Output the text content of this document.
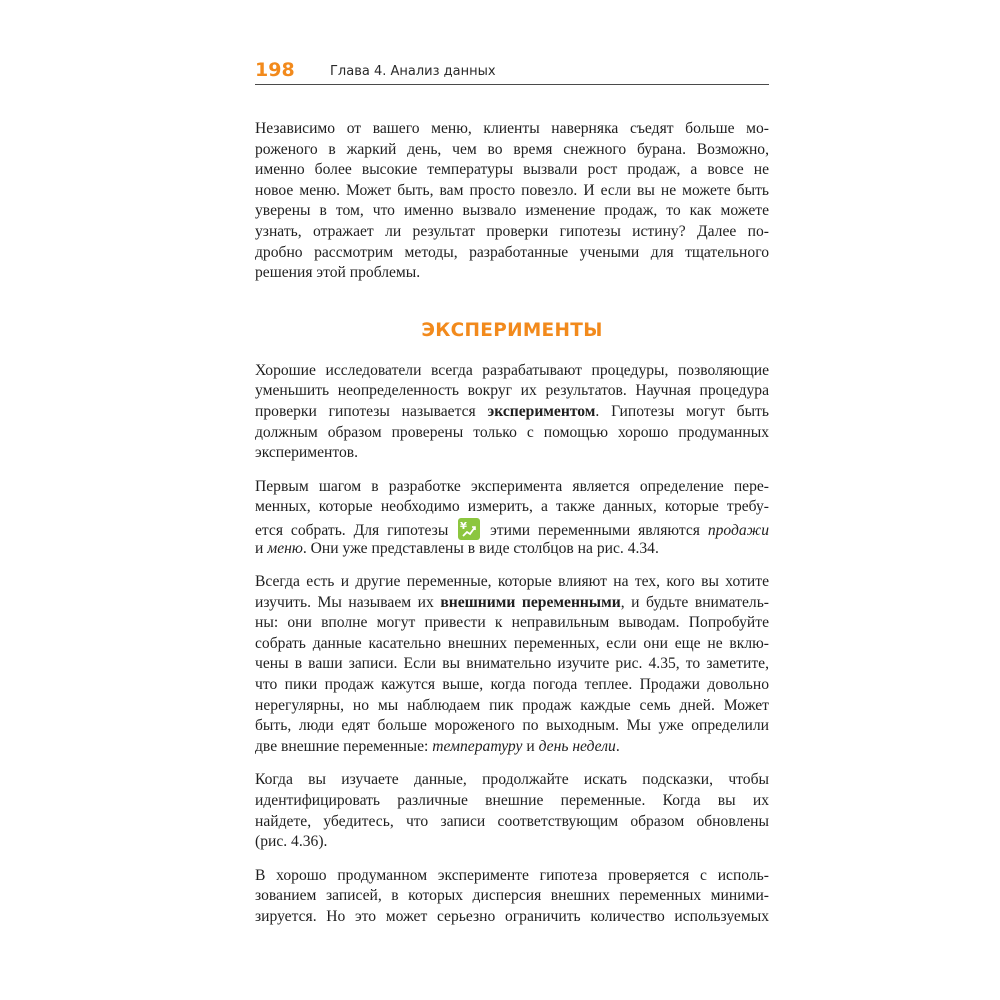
198	Глава 4. Анализ данных
Независимо от вашего меню, клиенты наверняка съедят больше мо-
роженого в жаркий день, чем во время снежного бурана. Возможно,
именно более высокие температуры вызвали рост продаж, а вовсе не
новое меню. Может быть, вам просто повезло. И если вы не можете быть
уверены в том, что именно вызвало изменение продаж, то как можете
узнать, отражает ли результат проверки гипотезы истину? Далее по-
дробно рассмотрим методы, разработанные учеными для тщательного
решения этой проблемы.
ЭКСПЕРИМЕНТЫ
Хорошие исследователи всегда разрабатывают процедуры, позволяющие
уменьшить неопределенность вокруг их результатов. Научная процедура
проверки гипотезы называется экспериментом. Гипотезы могут быть
должным образом проверены только с помощью хорошо продуманных
экспериментов.
Первым шагом в разработке эксперимента является определение пере-
менных, которые необходимо измерить, а также данных, которые требу-
ется собрать. Для гипотезы ¥ этими переменными являются продажи
и меню. Они уже представлены в виде столбцов на рис. 4.34.
Всегда есть и другие переменные, которые влияют на тех, кого вы хотите
изучить. Мы называем их внешними переменными, и будьте вниматель-
ны: они вполне могут привести к неправильным выводам. Попробуйте
собрать данные касательно внешних переменных, если они еще не вклю-
чены в ваши записи. Если вы внимательно изучите рис. 4.35, то заметите,
что пики продаж кажутся выше, когда погода теплее. Продажи довольно
нерегулярны, но мы наблюдаем пик продаж каждые семь дней. Может
быть, люди едят больше мороженого по выходным. Мы уже определили
две внешние переменные: температуру и день недели.
Когда вы изучаете данные, продолжайте искать подсказки, чтобы
идентифицировать различные внешние переменные. Когда вы их
найдете, убедитесь, что записи соответствующим образом обновлены
(рис. 4.36).
В хорошо продуманном эксперименте гипотеза проверяется с исполь-
зованием записей, в которых дисперсия внешних переменных миними-
зируется. Но это может серьезно ограничить количество используемых
